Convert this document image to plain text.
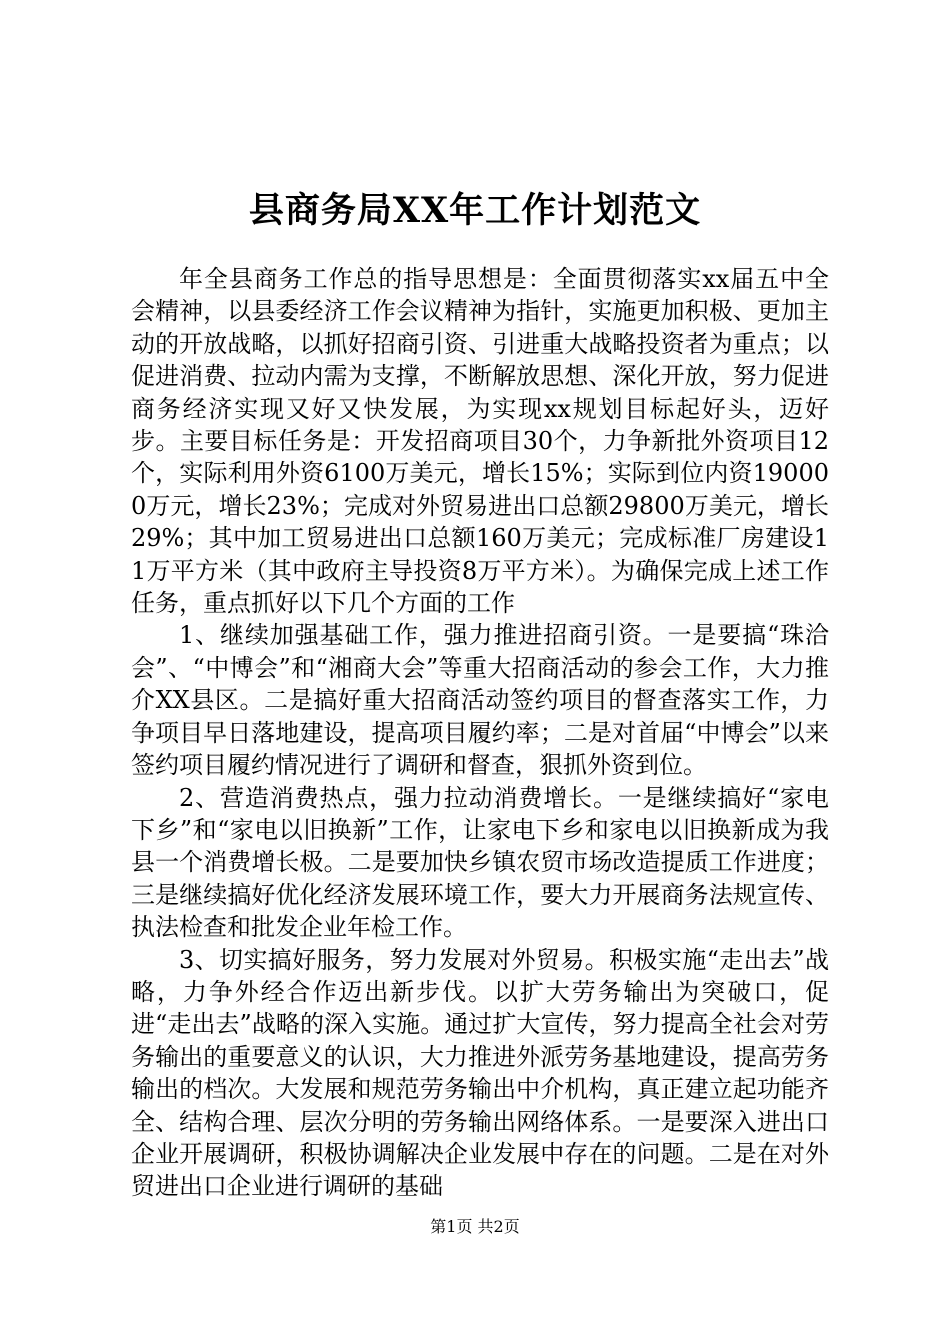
县商务局XX年工作计划范文

年全县商务工作总的指导思想是：全面贯彻落实xx届五中全会精神，以县委经济工作会议精神为指针，实施更加积极、更加主动的开放战略，以抓好招商引资、引进重大战略投资者为重点；以促进消费、拉动内需为支撑，不断解放思想、深化开放，努力促进商务经济实现又好又快发展，为实现xx规划目标起好头，迈好步。主要目标任务是：开发招商项目30个，力争新批外资项目12个，实际利用外资6100万美元，增长15%；实际到位内资190000万元，增长23%；完成对外贸易进出口总额29800万美元，增长29%；其中加工贸易进出口总额160万美元；完成标准厂房建设11万平方米（其中政府主导投资8万平方米）。为确保完成上述工作任务，重点抓好以下几个方面的工作

1、继续加强基础工作，强力推进招商引资。一是要搞“珠洽会”、“中博会”和“湘商大会”等重大招商活动的参会工作，大力推介XX县区。二是搞好重大招商活动签约项目的督查落实工作，力争项目早日落地建设，提高项目履约率；二是对首届“中博会”以来签约项目履约情况进行了调研和督查，狠抓外资到位。

2、营造消费热点，强力拉动消费增长。一是继续搞好“家电下乡”和“家电以旧换新”工作，让家电下乡和家电以旧换新成为我县一个消费增长极。二是要加快乡镇农贸市场改造提质工作进度；三是继续搞好优化经济发展环境工作，要大力开展商务法规宣传、执法检查和批发企业年检工作。

3、切实搞好服务，努力发展对外贸易。积极实施“走出去”战略，力争外经合作迈出新步伐。以扩大劳务输出为突破口，促进“走出去”战略的深入实施。通过扩大宣传，努力提高全社会对劳务输出的重要意义的认识，大力推进外派劳务基地建设，提高劳务输出的档次。大发展和规范劳务输出中介机构，真正建立起功能齐全、结构合理、层次分明的劳务输出网络体系。一是要深入进出口企业开展调研，积极协调解决企业发展中存在的问题。二是在对外贸进出口企业进行调研的基础

第1页 共2页
